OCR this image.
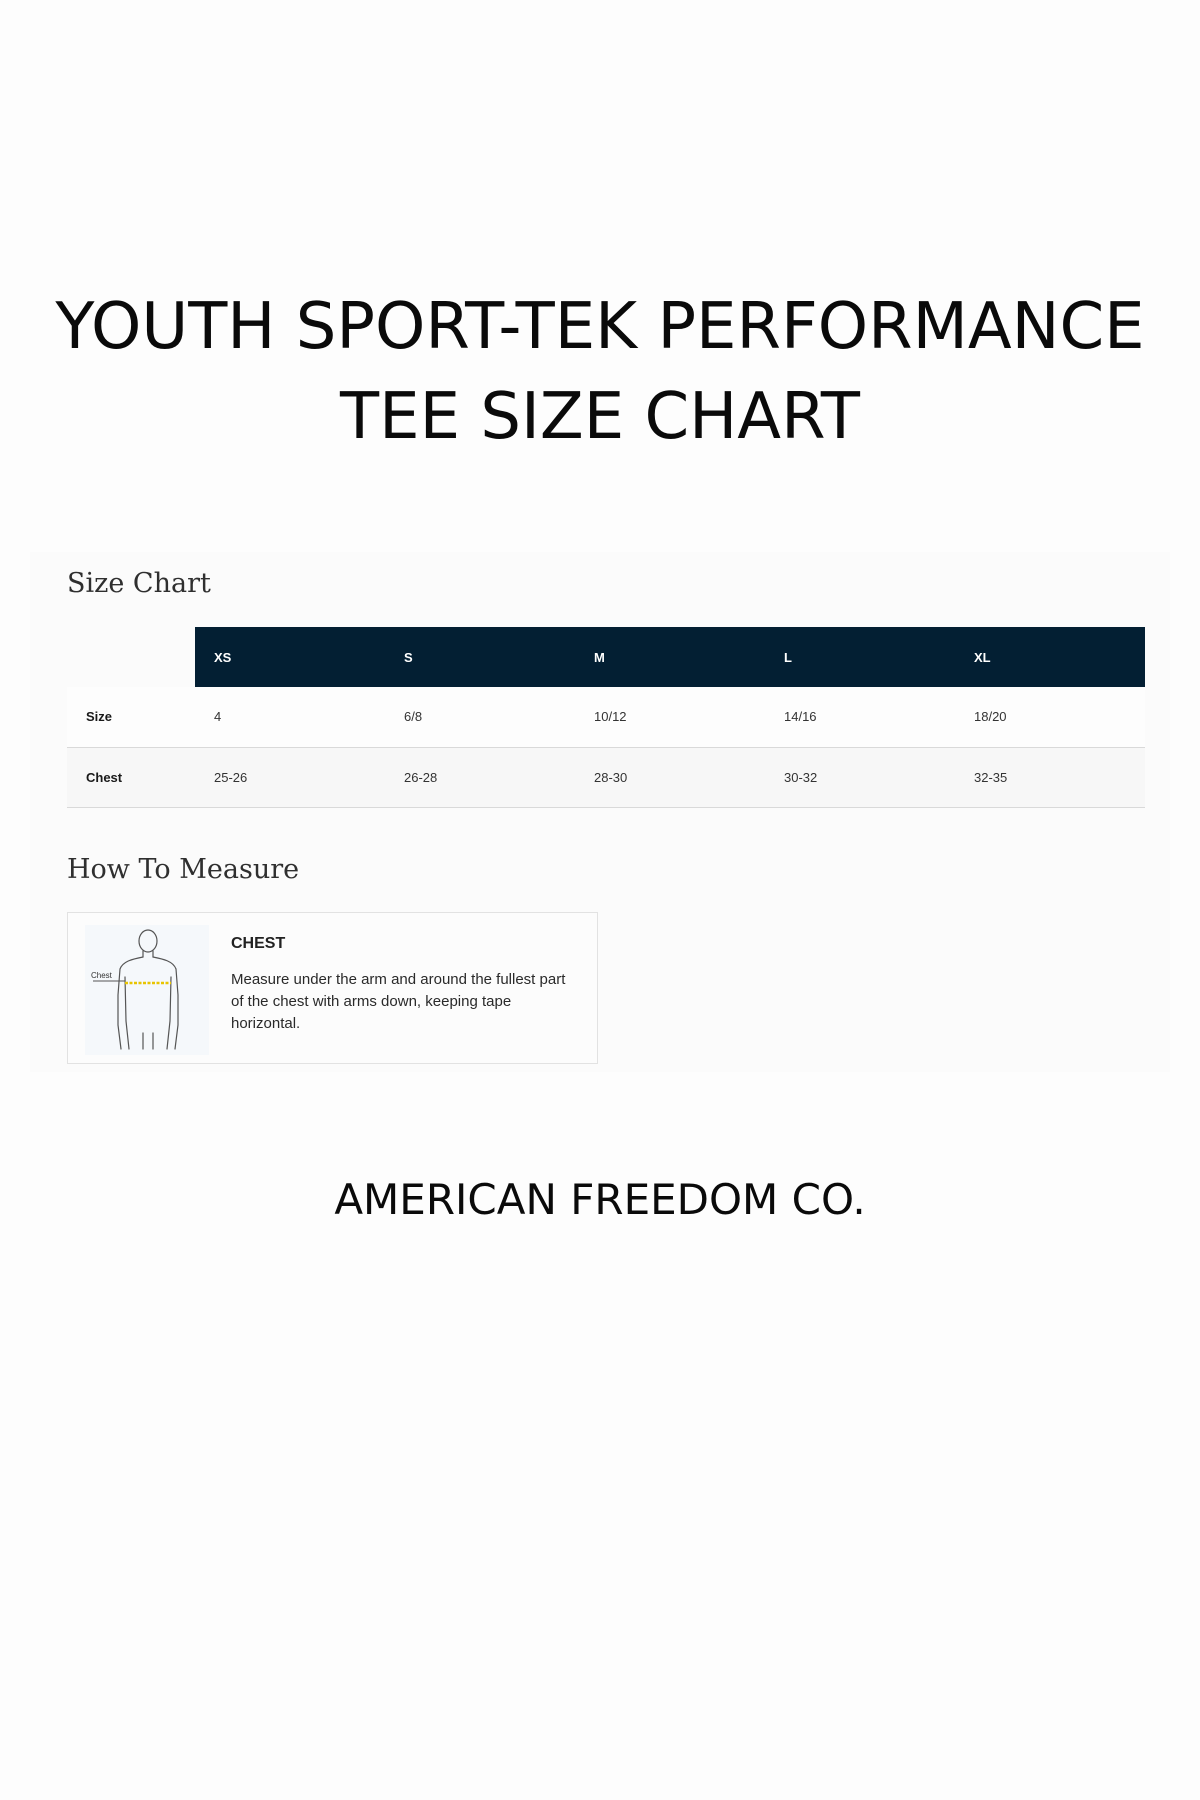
YOUTH SPORT-TEK PERFORMANCE
TEE SIZE CHART
Size Chart
	XS	S	M	L	XL
Size	4	6/8	10/12	14/16	18/20
Chest	25-26	26-28	28-30	30-32	32-35
How To Measure
Chest
CHEST
Measure under the arm and around the fullest part of the chest with arms down, keeping tape horizontal.
AMERICAN FREEDOM CO.
